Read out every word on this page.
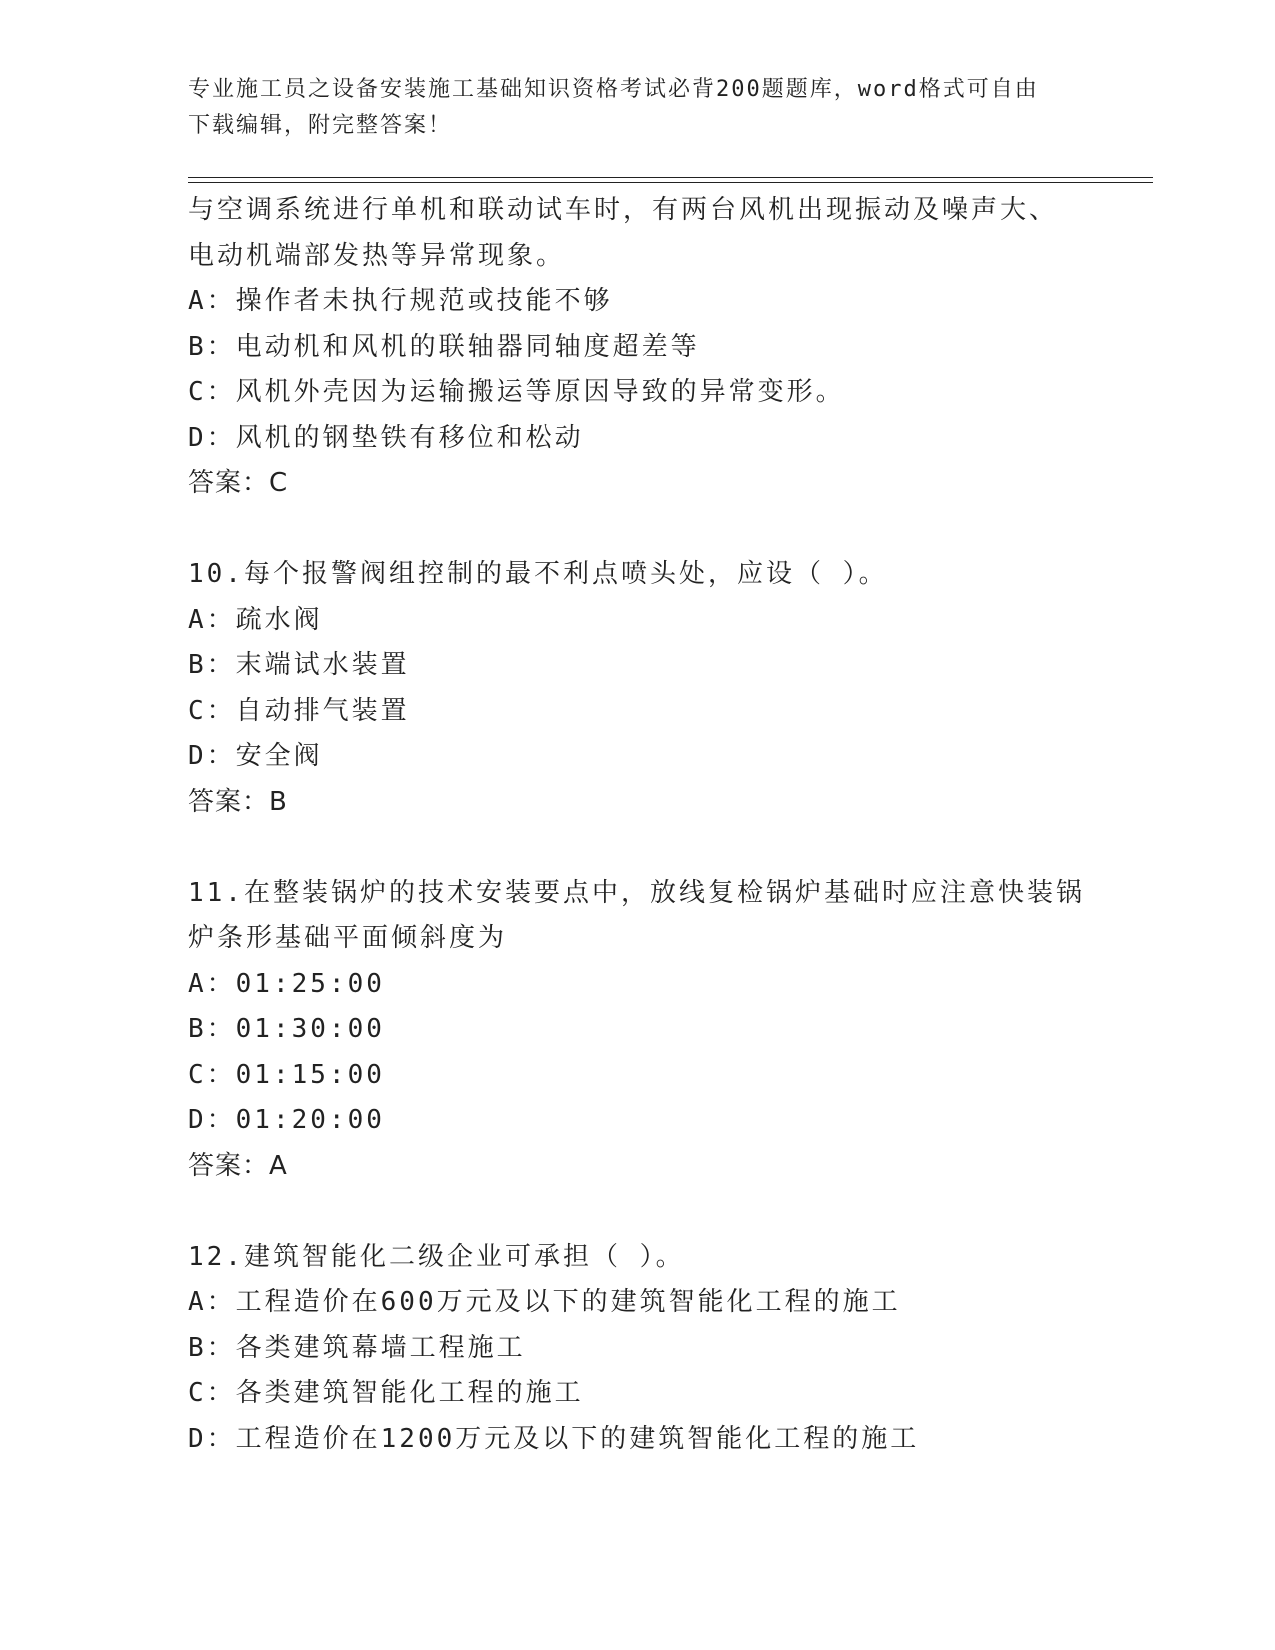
专业施工员之设备安装施工基础知识资格考试必背200题题库，word格式可自由
下载编辑，附完整答案！
与空调系统进行单机和联动试车时，有两台风机出现振动及噪声大、
电动机端部发热等异常现象。
A：操作者未执行规范或技能不够
B：电动机和风机的联轴器同轴度超差等
C：风机外壳因为运输搬运等原因导致的异常变形。
D：风机的钢垫铁有移位和松动
答案：C
10.每个报警阀组控制的最不利点喷头处，应设（ ）。
A：疏水阀
B：末端试水装置
C：自动排气装置
D：安全阀
答案：B
11.在整装锅炉的技术安装要点中，放线复检锅炉基础时应注意快装锅
炉条形基础平面倾斜度为
A：01:25:00
B：01:30:00
C：01:15:00
D：01:20:00
答案：A
12.建筑智能化二级企业可承担（ ）。
A：工程造价在600万元及以下的建筑智能化工程的施工
B：各类建筑幕墙工程施工
C：各类建筑智能化工程的施工
D：工程造价在1200万元及以下的建筑智能化工程的施工
